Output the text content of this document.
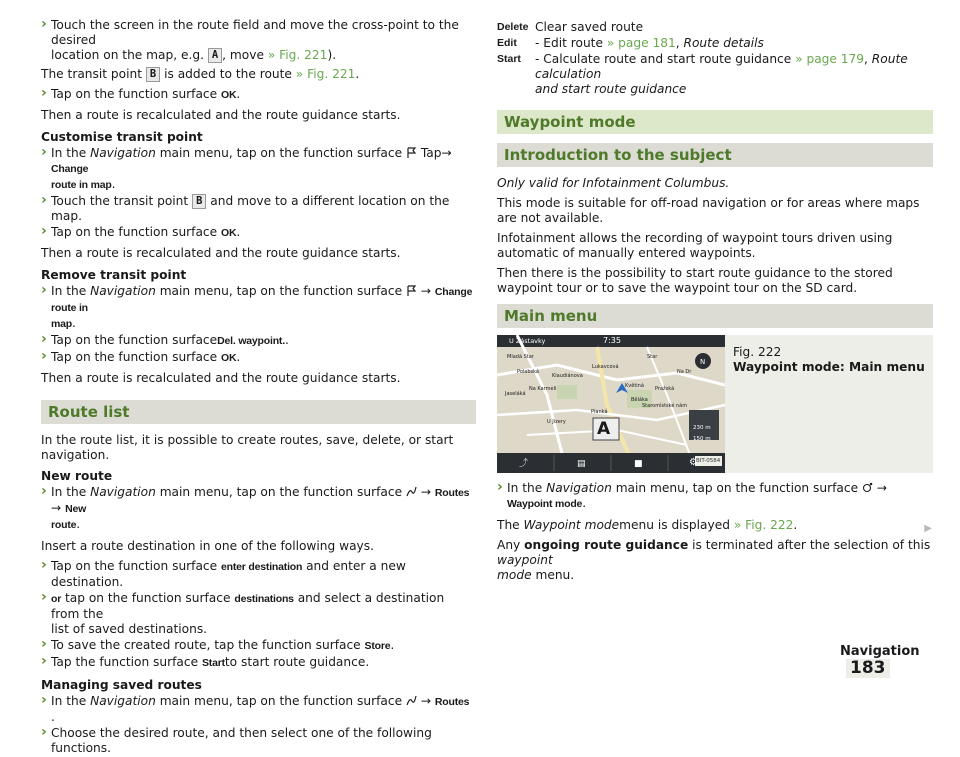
› Touch the screen in the route field and move the cross-point to the desired
location on the map, e.g. A , move » Fig. 221).

The transit point B is added to the route » Fig. 221.

› Tap on the function surface OK.

Then a route is recalculated and the route guidance starts.

Customise transit point
› In the Navigation main menu, tap on the function surface Tap→ Change
route in map.
› Touch the transit point B and move to a different location on the map.
› Tap on the function surface OK.

Then a route is recalculated and the route guidance starts.

Remove transit point
› In the Navigation main menu, tap on the function surface → Change route in
map.
› Tap on the function surfaceDel. waypoint..
› Tap on the function surface OK.

Then a route is recalculated and the route guidance starts.

Route list

In the route list, it is possible to create routes, save, delete, or start navigation.

New route
› In the Navigation main menu, tap on the function surface → Routes → New
route.

Insert a route destination in one of the following ways.

› Tap on the function surface enter destination and enter a new destination.
› or tap on the function surface destinations and select a destination from the
list of saved destinations.
› To save the created route, tap the function surface Store.
› Tap the function surface Startto start route guidance.
Managing saved routes
› In the Navigation main menu, tap on the function surface → Routes .
› Choose the desired route, and then select one of the following functions.
Delete Clear saved route
Edit	- Edit route » page 181, Route details
Start	- Calculate route and start route guidance » page 179, Route calculation
and start route guidance
Waypoint mode
Introduction to the subject

Only valid for Infotainment Columbus.

This mode is suitable for off-road navigation or for areas where maps are not available.

Infotainment allows the recording of waypoint tours driven using automatic of manually entered waypoints.

Then there is the possibility to start route guidance to the stored waypoint tour or to save the waypoint tour on the SD card.

Main menu
U Zástavky	7:35
N
Mladá Star
Polabská
Klaudiánova
Jaseláká
Na Karmeli
Lukavcová
Květiná
Běláka
Pražská
Na Dr
Star
Staromìstské nám
Píanká
U Jizery
230 m
150 m
A
⤴	▤	■	⚙
BIT-0584
Fig. 222
Waypoint mode: Main menu
› In the Navigation main menu, tap on the function surface → Waypoint mode.

The Waypoint modemenu is displayed » Fig. 222.

Any ongoing route guidance is terminated after the selection of this waypoint
mode menu.

▶
Navigation 183
